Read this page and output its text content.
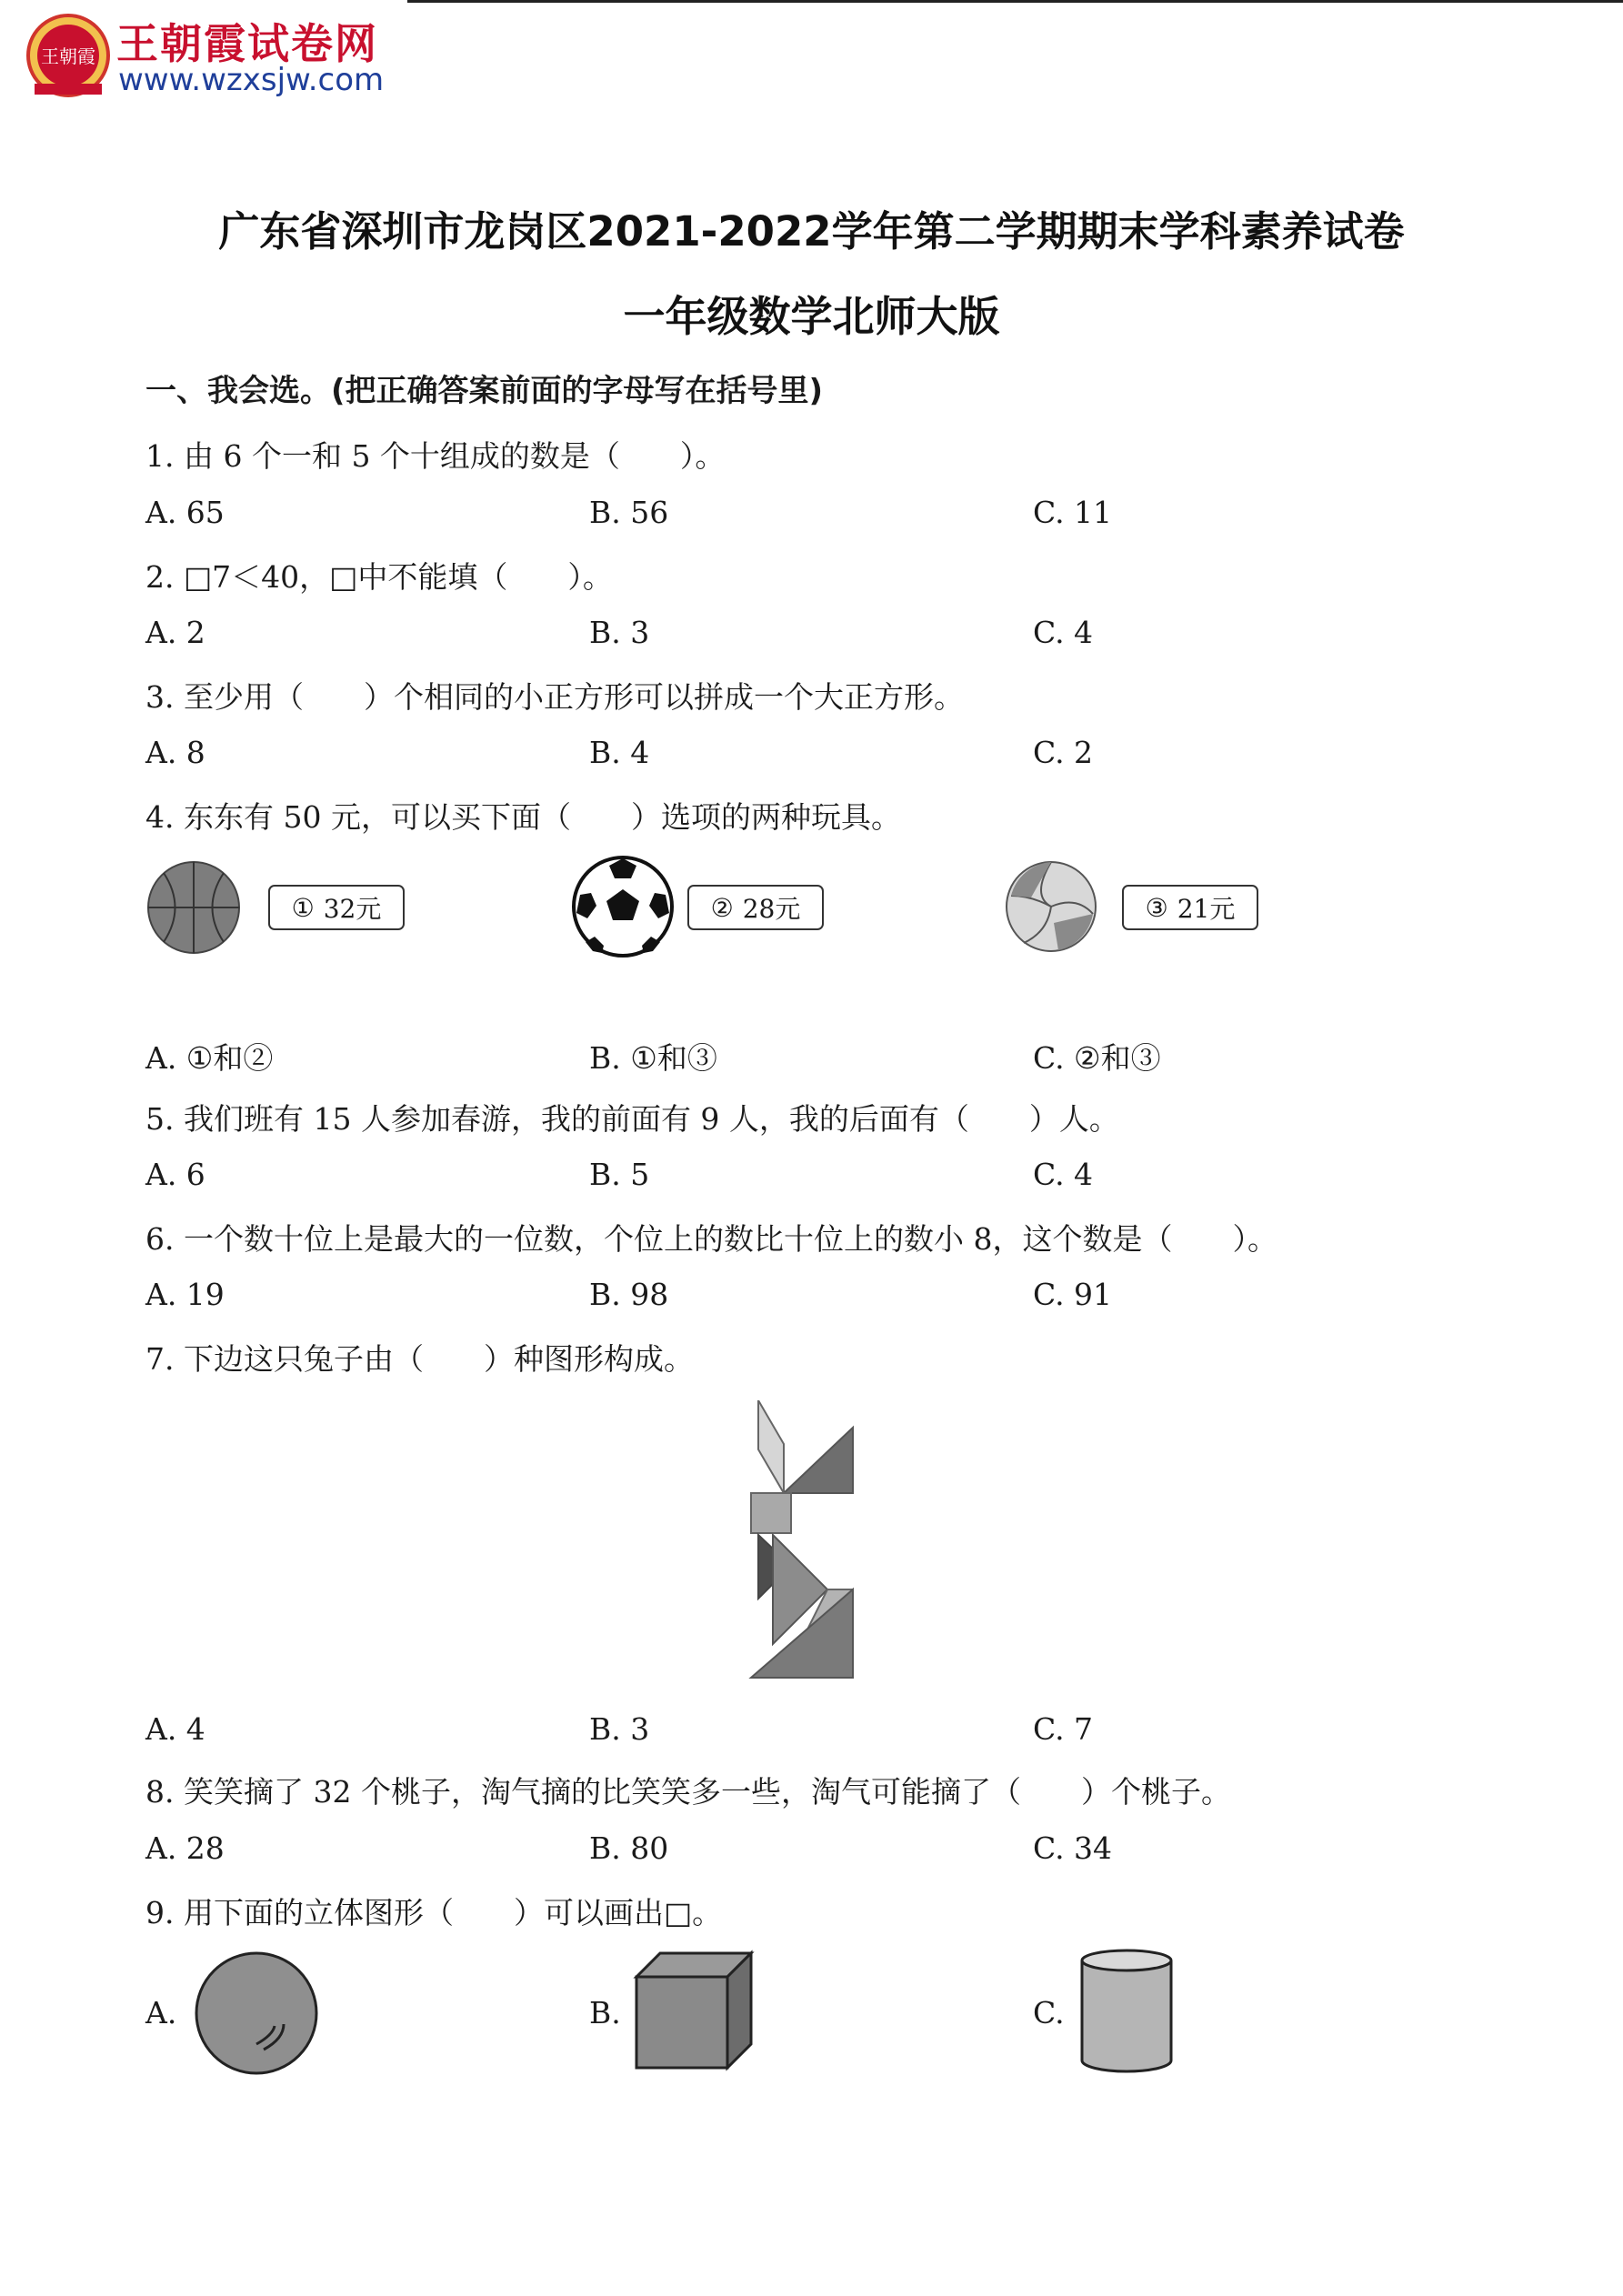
王朝霞 王朝霞试卷网
www.wzxsjw.com
广东省深圳市龙岗区2021-2022学年第二学期期末学科素养试卷
一年级数学北师大版
一、我会选。(把正确答案前面的字母写在括号里)
1. 由 6 个一和 5 个十组成的数是（　　）。
A. 65	B. 56	C. 11
2. □7＜40，□中不能填（　　）。
A. 2	B. 3	C. 4
3. 至少用（　　）个相同的小正方形可以拼成一个大正方形。
A. 8	B. 4	C. 2
4. 东东有 50 元，可以买下面（　　）选项的两种玩具。
① 32元	② 28元	③ 21元
A. ①和②	B. ①和③	C. ②和③
5. 我们班有 15 人参加春游，我的前面有 9 人，我的后面有（　　）人。
A. 6	B. 5	C. 4
6. 一个数十位上是最大的一位数，个位上的数比十位上的数小 8，这个数是（　　）。
A. 19	B. 98	C. 91
7. 下边这只兔子由（　　）种图形构成。
A. 4	B. 3	C. 7
8. 笑笑摘了 32 个桃子，淘气摘的比笑笑多一些，淘气可能摘了（　　）个桃子。
A. 28	B. 80	C. 34
9. 用下面的立体图形（　　）可以画出□。
A.	B.	C.
